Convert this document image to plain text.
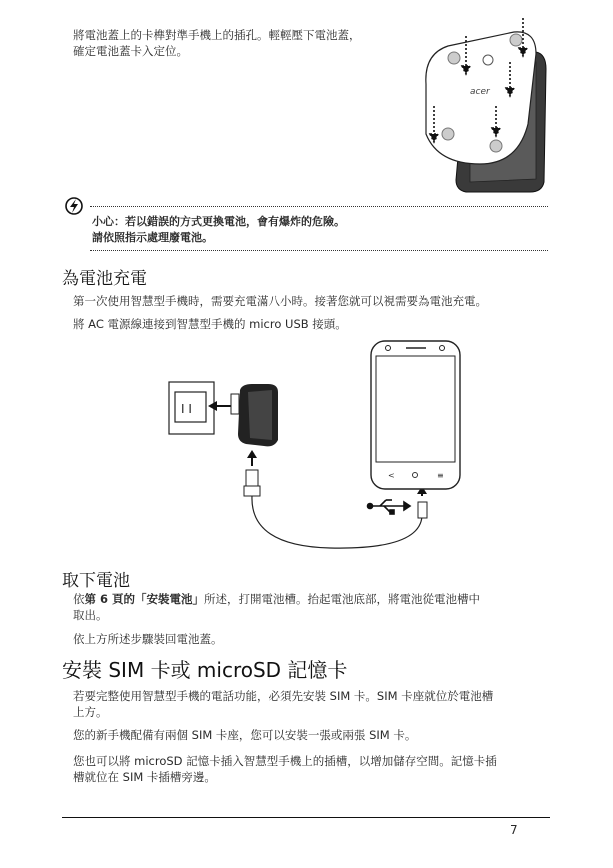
將電池蓋上的卡榫對準手機上的插孔。輕輕壓下電池蓋，
確定電池蓋卡入定位。
acer
小心：若以錯誤的方式更換電池，會有爆炸的危險。
請依照指示處理廢電池。
為電池充電
第一次使用智慧型手機時，需要充電滿八小時。接著您就可以視需要為電池充電。
將 AC 電源線連接到智慧型手機的 micro USB 接頭。
I I
<	≡
取下電池
依第 6 頁的「安裝電池」所述，打開電池槽。抬起電池底部，將電池從電池槽中
取出。
依上方所述步驟裝回電池蓋。
安裝 SIM 卡或 microSD 記憶卡
若要完整使用智慧型手機的電話功能，必須先安裝 SIM 卡。SIM 卡座就位於電池槽
上方。
您的新手機配備有兩個 SIM 卡座，您可以安裝一張或兩張 SIM 卡。
您也可以將 microSD 記憶卡插入智慧型手機上的插槽，以增加儲存空間。記憶卡插
槽就位在 SIM 卡插槽旁邊。
7
